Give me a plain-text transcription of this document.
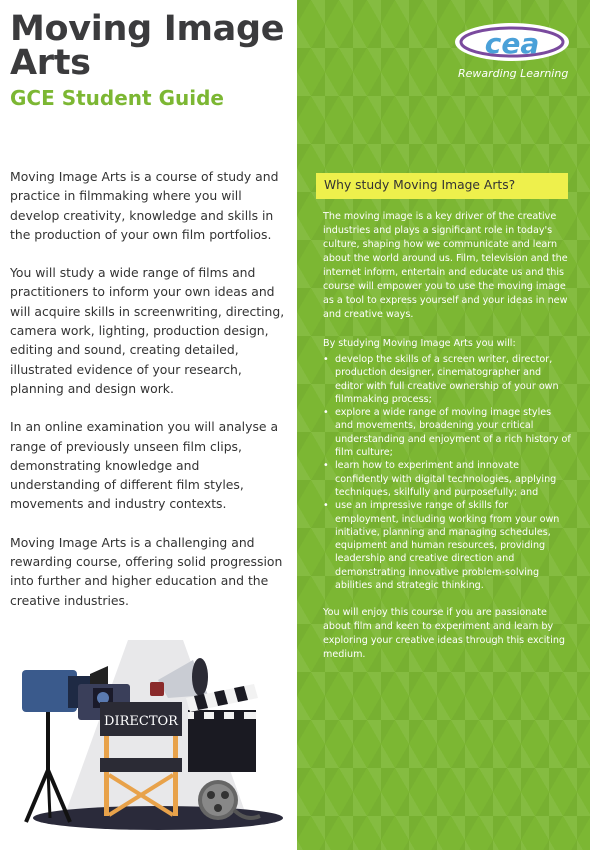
Moving Image
Arts
GCE Student Guide

Moving Image Arts is a course of study and practice in filmmaking where you will develop creativity, knowledge and skills in the production of your own film portfolios.

You will study a wide range of films and practitioners to inform your own ideas and will acquire skills in screenwriting, directing, camera work, lighting, production design, editing and sound, creating detailed, illustrated evidence of your research, planning and design work.

In an online examination you will analyse a range of previously unseen film clips, demonstrating knowledge and understanding of different film styles, movements and industry contexts.

Moving Image Arts is a challenging and rewarding course, offering solid progression into further and higher education and the creative industries.

DIRECTOR
cea
Rewarding Learning
Why study Moving Image Arts?

The moving image is a key driver of the creative industries and plays a significant role in today's culture, shaping how we communicate and learn about the world around us. Film, television and the internet inform, entertain and educate us and this course will empower you to use the moving image as a tool to express yourself and your ideas in new and creative ways.

By studying Moving Image Arts you will:

• develop the skills of a screen writer, director, production designer, cinematographer and editor with full creative ownership of your own filmmaking process;
• explore a wide range of moving image styles and movements, broadening your critical understanding and enjoyment of a rich history of film culture;
• learn how to experiment and innovate confidently with digital technologies, applying techniques, skilfully and purposefully; and
• use an impressive range of skills for employment, including working from your own initiative, planning and managing schedules, equipment and human resources, providing leadership and creative direction and demonstrating innovative problem-solving abilities and strategic thinking.

You will enjoy this course if you are passionate about film and keen to experiment and learn by exploring your creative ideas through this exciting medium.
